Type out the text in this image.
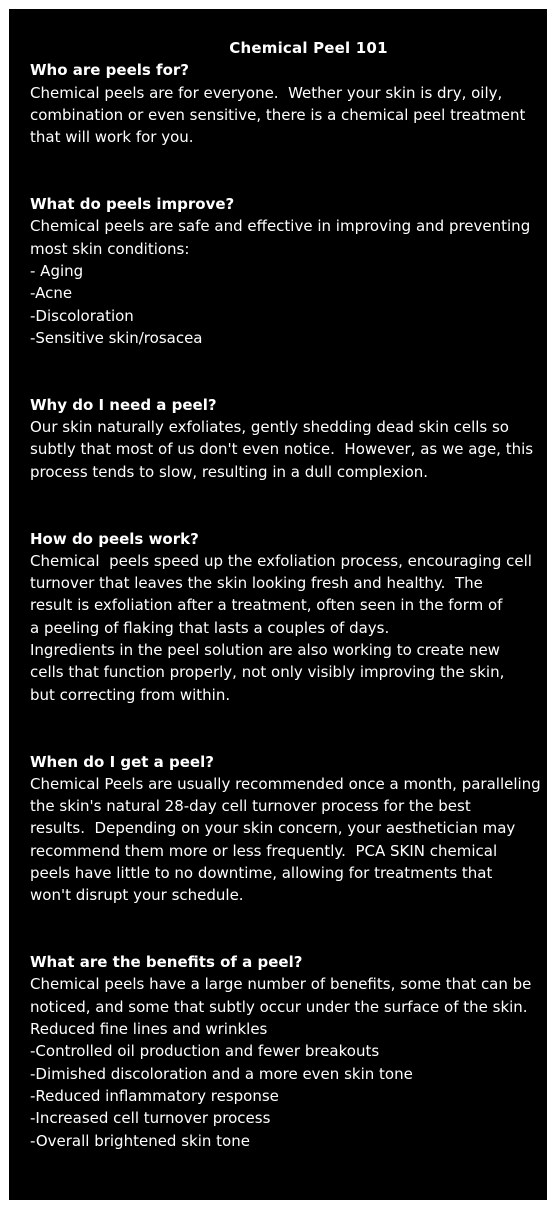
Chemical Peel 101
Who are peels for?
Chemical peels are for everyone.  Wether your skin is dry, oily,
combination or even sensitive, there is a chemical peel treatment
that will work for you.
What do peels improve?
Chemical peels are safe and effective in improving and preventing
most skin conditions:
- Aging
-Acne
-Discoloration
-Sensitive skin/rosacea
Why do I need a peel?
Our skin naturally exfoliates, gently shedding dead skin cells so
subtly that most of us don't even notice.  However, as we age, this
process tends to slow, resulting in a dull complexion.
How do peels work?
Chemical  peels speed up the exfoliation process, encouraging cell
turnover that leaves the skin looking fresh and healthy.  The
result is exfoliation after a treatment, often seen in the form of
a peeling of flaking that lasts a couples of days.
Ingredients in the peel solution are also working to create new
cells that function properly, not only visibly improving the skin,
but correcting from within.
When do I get a peel?
Chemical Peels are usually recommended once a month, paralleling
the skin's natural 28-day cell turnover process for the best
results.  Depending on your skin concern, your aesthetician may
recommend them more or less frequently.  PCA SKIN chemical
peels have little to no downtime, allowing for treatments that
won't disrupt your schedule.
What are the benefits of a peel?
Chemical peels have a large number of benefits, some that can be
noticed, and some that subtly occur under the surface of the skin.
Reduced fine lines and wrinkles
-Controlled oil production and fewer breakouts
-Dimished discoloration and a more even skin tone
-Reduced inflammatory response
-Increased cell turnover process
-Overall brightened skin tone
